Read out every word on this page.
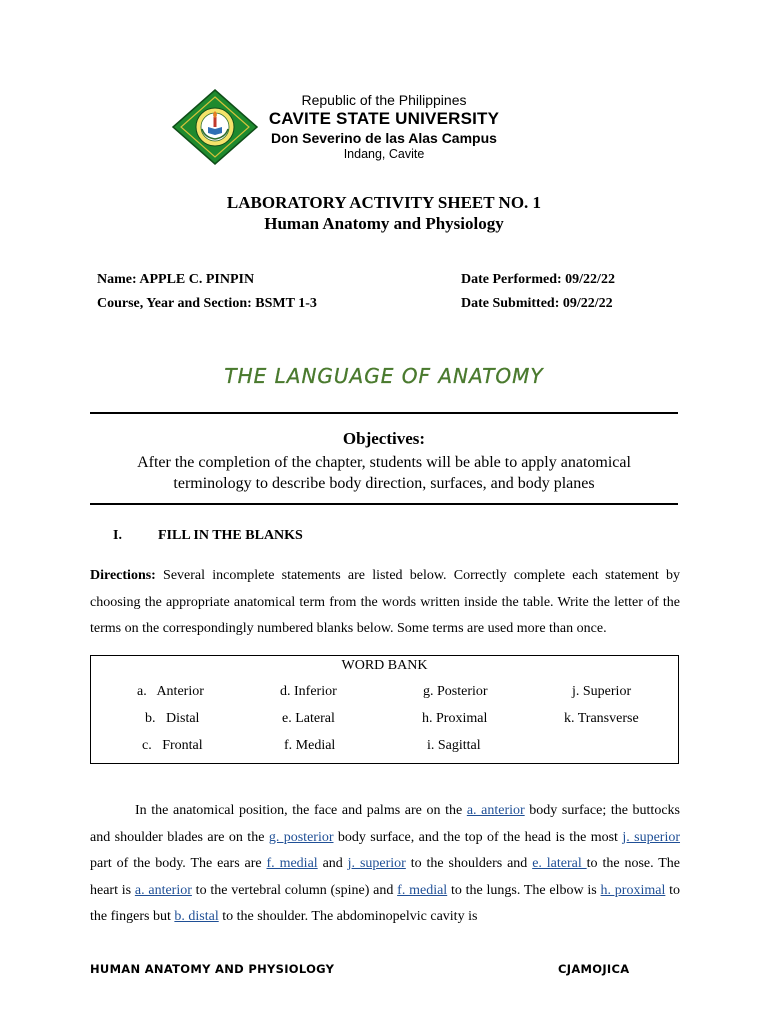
Republic of the Philippines
CAVITE STATE UNIVERSITY
Don Severino de las Alas Campus
Indang, Cavite
LABORATORY ACTIVITY SHEET NO. 1
Human Anatomy and Physiology
Name: APPLE C. PINPIN
Course, Year and Section: BSMT 1-3
Date Performed: 09/22/22
Date Submitted: 09/22/22
THE LANGUAGE OF ANATOMY
Objectives:
After the completion of the chapter, students will be able to apply anatomical terminology to describe body direction, surfaces, and body planes
I.	FILL IN THE BLANKS
Directions: Several incomplete statements are listed below. Correctly complete each statement by choosing the appropriate anatomical term from the words written inside the table. Write the letter of the terms on the correspondingly numbered blanks below. Some terms are used more than once.
WORD BANK
a.   Anterior	d. Inferior	g. Posterior	j. Superior
b.   Distal	e. Lateral	h. Proximal	k. Transverse
c.   Frontal	f. Medial	i. Sagittal
In the anatomical position, the face and palms are on the a. anterior body surface; the buttocks and shoulder blades are on the g. posterior body surface, and the top of the head is the most j. superior part of the body. The ears are f. medial and j. superior to the shoulders and e. lateral to the nose. The heart is a. anterior to the vertebral column (spine) and f. medial to the lungs. The elbow is h. proximal to the fingers but b. distal to the shoulder. The abdominopelvic cavity is
HUMAN ANATOMY AND PHYSIOLOGY	CJAMOJICA
